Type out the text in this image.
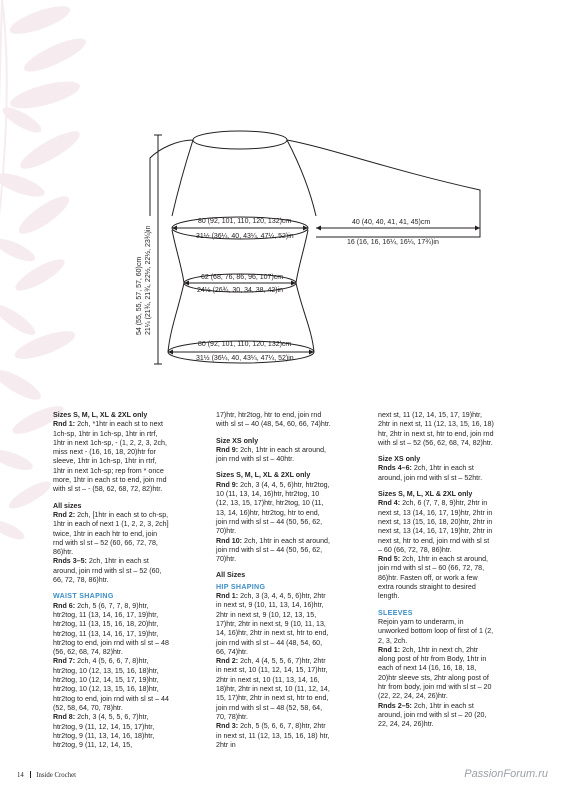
54 (55, 55, 57, 57, 60)cm 21¼ (21¾, 21¾, 22½, 22½, 23¾)in
80 (92, 101, 110, 120, 132)cm
31½ (36¼, 40, 43¼, 47¼, 52)in
62 (68, 76, 86, 96, 107)cm
24½ (26¾, 30, 34, 38, 42)in
80 (92, 101, 110, 120, 132)cm
31½ (36¼, 40, 43¼, 47¼, 52)in
40 (40, 40, 41, 41, 45)cm
16 (16, 16, 16¼, 16¼, 17¾)in

Sizes S, M, L, XL & 2XL only
Rnd 1: 2ch, *1htr in each st to next 1ch-sp, 1htr in 1ch-sp, 1htr in rtrf, 1htr in next 1ch-sp, - (1, 2, 2, 3, 2ch, miss next - (16, 16, 18, 20)htr for sleeve, 1htr in 1ch-sp, 1htr in rtrf, 1htr in next 1ch-sp; rep from * once more, 1htr in each st to end, join rnd with sl st – - (58, 62, 68, 72, 82)htr.

All sizes
Rnd 2: 2ch, [1htr in each st to ch-sp, 1htr in each of next 1 (1, 2, 2, 3, 2ch] twice, 1htr in each htr to end, join rnd with sl st – 52 (60, 66, 72, 78, 86)htr.
Rnds 3–5: 2ch, 1htr in each st around, join rnd with sl st – 52 (60, 66, 72, 78, 86)htr.

WAIST SHAPING
Rnd 6: 2ch, 5 (6, 7, 7, 8, 9)htr, htr2tog, 11 (13, 14, 16, 17, 19)htr, htr2tog, 11 (13, 15, 16, 18, 20)htr, htr2tog, 11 (13, 14, 16, 17, 19)htr, htr2tog to end, join rnd with sl st – 48 (56, 62, 68, 74, 82)htr.
Rnd 7: 2ch, 4 (5, 6, 6, 7, 8)htr, htr2tog, 10 (12, 13, 15, 16, 18)htr, htr2tog, 10 (12, 14, 15, 17, 19)htr, htr2tog, 10 (12, 13, 15, 16, 18)htr, htr2tog to end, join rnd with sl st – 44 (52, 58, 64, 70, 78)htr.
Rnd 8: 2ch, 3 (4, 5, 5, 6, 7)htr, htr2tog, 9 (11, 12, 14, 15, 17)htr, htr2tog, 9 (11, 13, 14, 16, 18)htr, htr2tog, 9 (11, 12, 14, 15,

17)htr, htr2tog, htr to end, join rnd with sl st – 40 (48, 54, 60, 66, 74)htr.

Size XS only
Rnd 9: 2ch, 1htr in each st around, join rnd with sl st – 40htr.

Sizes S, M, L, XL & 2XL only
Rnd 9: 2ch, 3 (4, 4, 5, 6)htr, htr2tog, 10 (11, 13, 14, 16)htr, htr2tog, 10 (12, 13, 15, 17)htr, htr2tog, 10 (11, 13, 14, 16)htr, htr2tog, htr to end, join rnd with sl st – 44 (50, 56, 62, 70)htr.
Rnd 10: 2ch, 1htr in each st around, join rnd with sl st – 44 (50, 56, 62, 70)htr.

All Sizes
HIP SHAPING
Rnd 1: 2ch, 3 (3, 4, 4, 5, 6)htr, 2htr in next st, 9 (10, 11, 13, 14, 16)htr, 2htr in next st, 9 (10, 12, 13, 15, 17)htr, 2htr in next st, 9 (10, 11, 13, 14, 16)htr, 2htr in next st, htr to end, join rnd with sl st – 44 (48, 54, 60, 66, 74)htr.
Rnd 2: 2ch, 4 (4, 5, 5, 6, 7)htr, 2htr in next st, 10 (11, 12, 14, 15, 17)htr, 2htr in next st, 10 (11, 13, 14, 16, 18)htr, 2htr in next st, 10 (11, 12, 14, 15, 17)htr, 2htr in next st, htr to end, join rnd with sl st – 48 (52, 58, 64, 70, 78)htr.
Rnd 3: 2ch, 5 (5, 6, 6, 7, 8)htr, 2htr in next st, 11 (12, 13, 15, 16, 18) htr, 2htr in

next st, 11 (12, 14, 15, 17, 19)htr, 2htr in next st, 11 (12, 13, 15, 16, 18) htr, 2htr in next st, htr to end, join rnd with sl st – 52 (56, 62, 68, 74, 82)htr.

Size XS only
Rnds 4–6: 2ch, 1htr in each st around, join rnd with sl st – 52htr.

Sizes S, M, L, XL & 2XL only
Rnd 4: 2ch, 6 (7, 7, 8, 9)htr, 2htr in next st, 13 (14, 16, 17, 19)htr, 2htr in next st, 13 (15, 16, 18, 20)htr, 2htr in next st, 13 (14, 16, 17, 19)htr, 2htr in next st, htr to end, join rnd with sl st – 60 (66, 72, 78, 86)htr.
Rnd 5: 2ch, 1htr in each st around, join rnd with sl st – 60 (66, 72, 78, 86)htr. Fasten off, or work a few extra rounds straight to desired length.

SLEEVES
Rejoin yarn to underarm, in unworked bottom loop of first of 1 (2, 2, 3, 2ch.
Rnd 1: 2ch, 1htr in next ch, 2htr along post of htr from Body, 1htr in each of next 14 (16, 16, 18, 18, 20)htr sleeve sts, 2htr along post of htr from body, join rnd with sl st – 20 (22, 22, 24, 24, 26)htr.
Rnds 2–5: 2ch, 1htr in each st around, join rnd with sl st – 20 (20, 22, 24, 24, 26)htr.

14 Inside Crochet	PassionForum.ru
